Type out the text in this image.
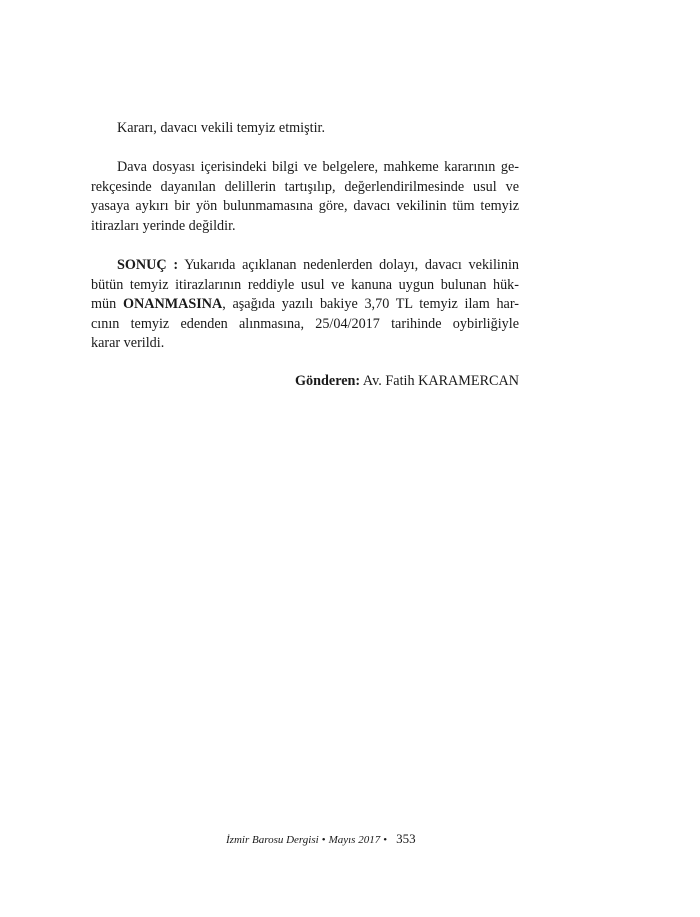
Kararı, davacı vekili temyiz etmiştir.
Dava dosyası içerisindeki bilgi ve belgelere, mahkeme kararının ge-
rekçesinde dayanılan delillerin tartışılıp, değerlendirilmesinde usul ve
yasaya aykırı bir yön bulunmamasına göre, davacı vekilinin tüm temyiz
itirazları yerinde değildir.
SONUÇ : Yukarıda açıklanan nedenlerden dolayı, davacı vekilinin
bütün temyiz itirazlarının reddiyle usul ve kanuna uygun bulunan hük-
mün ONANMASINA, aşağıda yazılı bakiye 3,70 TL temyiz ilam har-
cının temyiz edenden alınmasına, 25/04/2017 tarihinde oybirliğiyle
karar verildi.
Gönderen: Av. Fatih KARAMERCAN
İzmir Barosu Dergisi • Mayıs 2017 • 353
